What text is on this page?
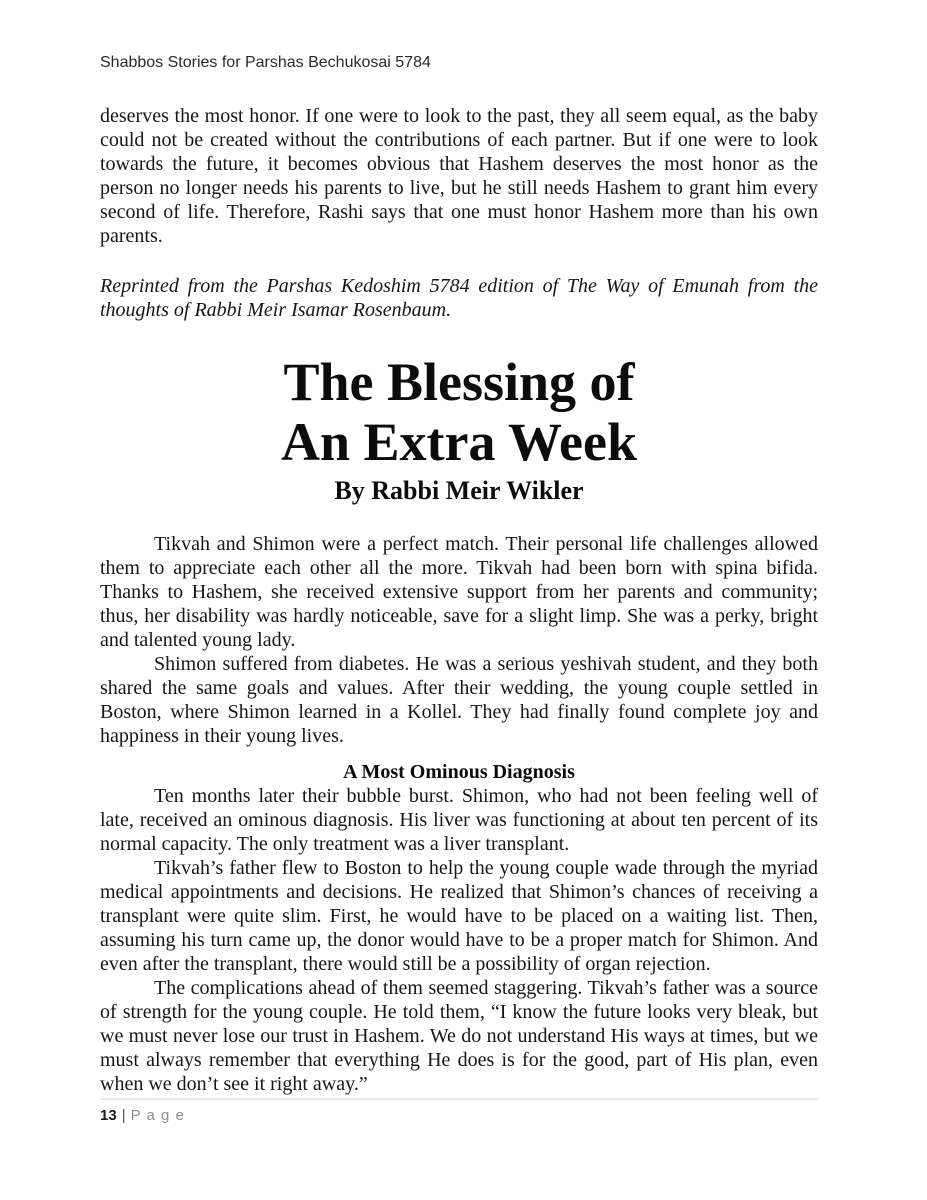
Shabbos Stories for Parshas Bechukosai 5784

deserves the most honor. If one were to look to the past, they all seem equal, as the baby could not be created without the contributions of each partner. But if one were to look towards the future, it becomes obvious that Hashem deserves the most honor as the person no longer needs his parents to live, but he still needs Hashem to grant him every second of life. Therefore, Rashi says that one must honor Hashem more than his own parents.

Reprinted from the Parshas Kedoshim 5784 edition of The Way of Emunah from the thoughts of Rabbi Meir Isamar Rosenbaum.

The Blessing of
An Extra Week
By Rabbi Meir Wikler

Tikvah and Shimon were a perfect match. Their personal life challenges allowed them to appreciate each other all the more. Tikvah had been born with spina bifida. Thanks to Hashem, she received extensive support from her parents and community; thus, her disability was hardly noticeable, save for a slight limp. She was a perky, bright and talented young lady.

Shimon suffered from diabetes. He was a serious yeshivah student, and they both shared the same goals and values. After their wedding, the young couple settled in Boston, where Shimon learned in a Kollel. They had finally found complete joy and happiness in their young lives.

A Most Ominous Diagnosis

Ten months later their bubble burst. Shimon, who had not been feeling well of late, received an ominous diagnosis. His liver was functioning at about ten percent of its normal capacity. The only treatment was a liver transplant.

Tikvah’s father flew to Boston to help the young couple wade through the myriad medical appointments and decisions. He realized that Shimon’s chances of receiving a transplant were quite slim. First, he would have to be placed on a waiting list. Then, assuming his turn came up, the donor would have to be a proper match for Shimon. And even after the transplant, there would still be a possibility of organ rejection.

The complications ahead of them seemed staggering. Tikvah’s father was a source of strength for the young couple. He told them, “I know the future looks very bleak, but we must never lose our trust in Hashem. We do not understand His ways at times, but we must always remember that everything He does is for the good, part of His plan, even when we don’t see it right away.”

13 | P a g e
